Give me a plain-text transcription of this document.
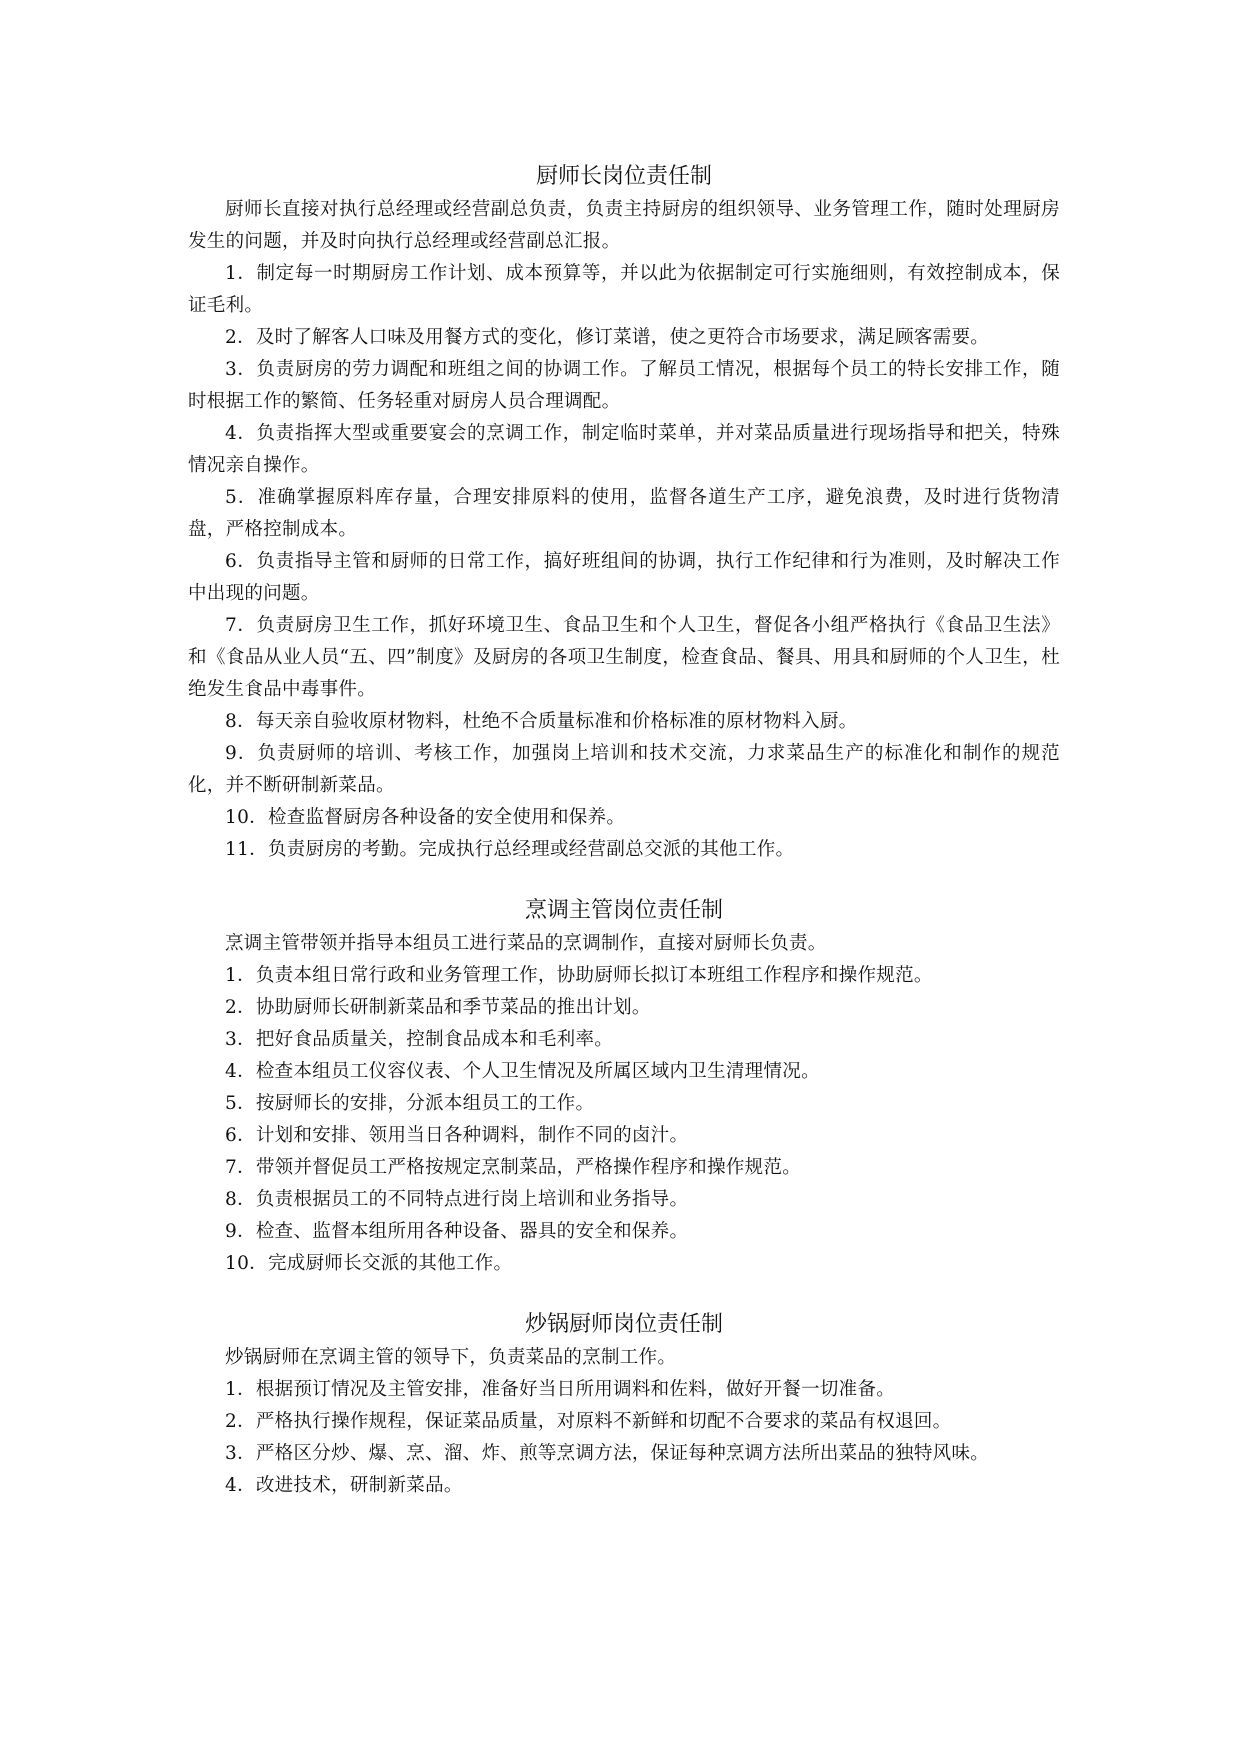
厨师长岗位责任制

厨师长直接对执行总经理或经营副总负责，负责主持厨房的组织领导、业务管理工作，随时处理厨房发生的问题，并及时向执行总经理或经营副总汇报。

1．制定每一时期厨房工作计划、成本预算等，并以此为依据制定可行实施细则，有效控制成本，保证毛利。

2．及时了解客人口味及用餐方式的变化，修订菜谱，使之更符合市场要求，满足顾客需要。

3．负责厨房的劳力调配和班组之间的协调工作。了解员工情况，根据每个员工的特长安排工作，随时根据工作的繁简、任务轻重对厨房人员合理调配。

4．负责指挥大型或重要宴会的烹调工作，制定临时菜单，并对菜品质量进行现场指导和把关，特殊情况亲自操作。

5．准确掌握原料库存量，合理安排原料的使用，监督各道生产工序，避免浪费，及时进行货物清盘，严格控制成本。

6．负责指导主管和厨师的日常工作，搞好班组间的协调，执行工作纪律和行为准则，及时解决工作中出现的问题。

7．负责厨房卫生工作，抓好环境卫生、食品卫生和个人卫生，督促各小组严格执行《食品卫生法》和《食品从业人员“五、四”制度》及厨房的各项卫生制度，检查食品、餐具、用具和厨师的个人卫生，杜绝发生食品中毒事件。

8．每天亲自验收原材物料，杜绝不合质量标准和价格标准的原材物料入厨。

9．负责厨师的培训、考核工作，加强岗上培训和技术交流，力求菜品生产的标准化和制作的规范化，并不断研制新菜品。

10．检查监督厨房各种设备的安全使用和保养。

11．负责厨房的考勤。完成执行总经理或经营副总交派的其他工作。

烹调主管岗位责任制

烹调主管带领并指导本组员工进行菜品的烹调制作，直接对厨师长负责。

1．负责本组日常行政和业务管理工作，协助厨师长拟订本班组工作程序和操作规范。

2．协助厨师长研制新菜品和季节菜品的推出计划。

3．把好食品质量关，控制食品成本和毛利率。

4．检查本组员工仪容仪表、个人卫生情况及所属区域内卫生清理情况。

5．按厨师长的安排，分派本组员工的工作。

6．计划和安排、领用当日各种调料，制作不同的卤汁。

7．带领并督促员工严格按规定烹制菜品，严格操作程序和操作规范。

8．负责根据员工的不同特点进行岗上培训和业务指导。

9．检查、监督本组所用各种设备、器具的安全和保养。

10．完成厨师长交派的其他工作。

炒锅厨师岗位责任制

炒锅厨师在烹调主管的领导下，负责菜品的烹制工作。

1．根据预订情况及主管安排，准备好当日所用调料和佐料，做好开餐一切准备。

2．严格执行操作规程，保证菜品质量，对原料不新鲜和切配不合要求的菜品有权退回。

3．严格区分炒、爆、烹、溜、炸、煎等烹调方法，保证每种烹调方法所出菜品的独特风味。

4．改进技术，研制新菜品。
